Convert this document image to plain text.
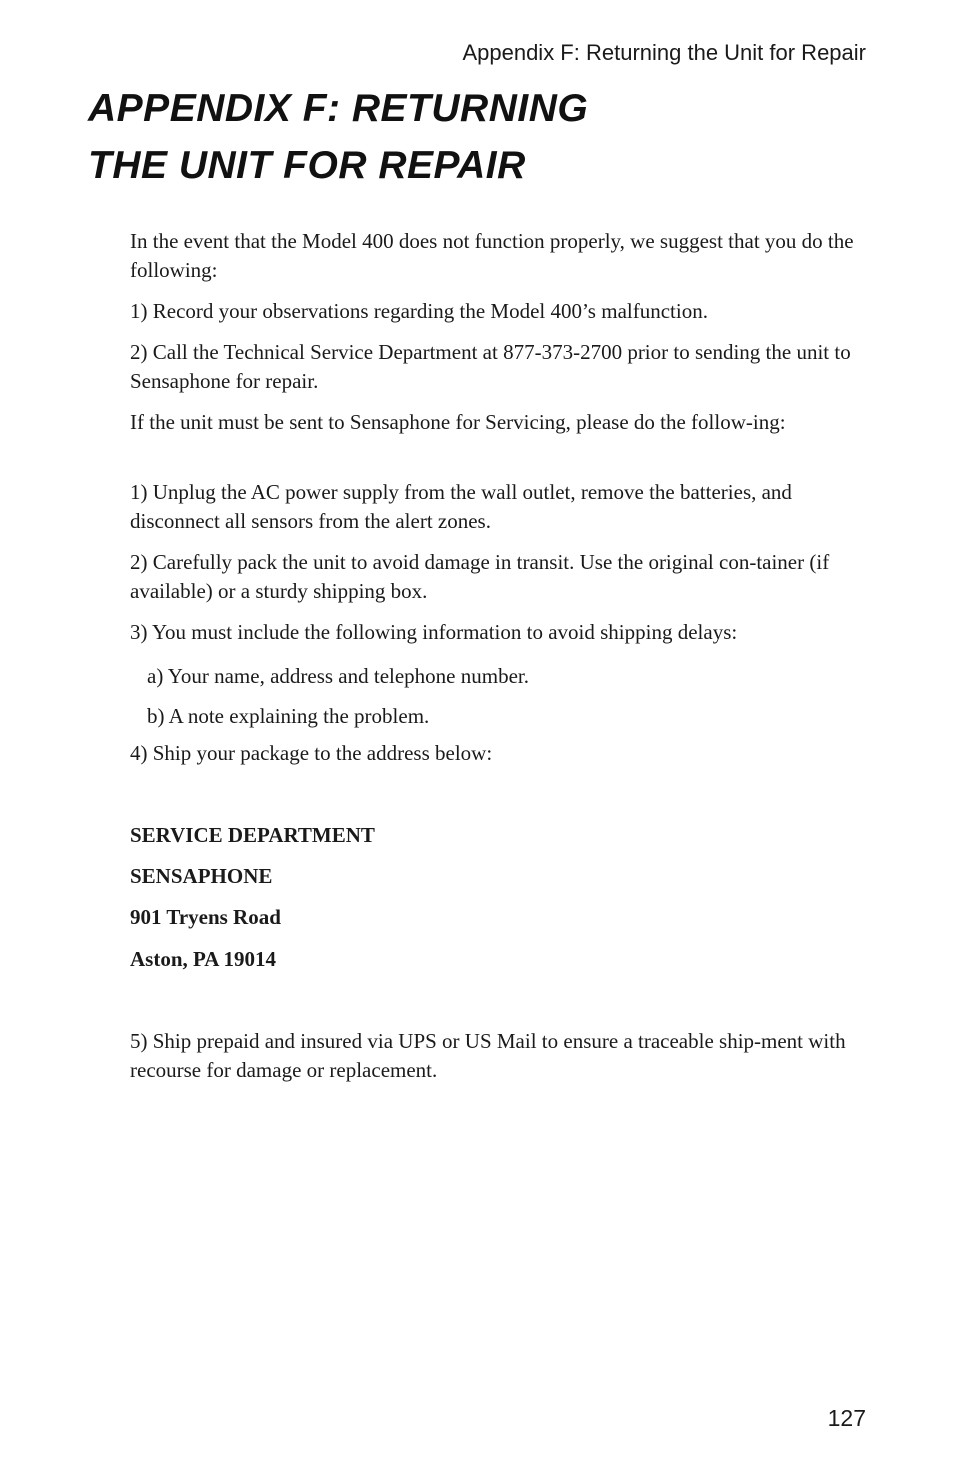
Appendix F: Returning the Unit for Repair
APPENDIX F: RETURNING
THE UNIT FOR REPAIR

In the event that the Model 400 does not function properly, we suggest that you do the following:

1) Record your observations regarding the Model 400’s malfunction.

2) Call the Technical Service Department at 877-373-2700 prior to sending the unit to Sensaphone for repair.

If the unit must be sent to Sensaphone for Servicing, please do the follow-ing:

1) Unplug the AC power supply from the wall outlet, remove the batteries, and disconnect all sensors from the alert zones.

2) Carefully pack the unit to avoid damage in transit. Use the original con-tainer (if available) or a sturdy shipping box.

3) You must include the following information to avoid shipping delays:

a) Your name, address and telephone number.

b) A note explaining the problem.

4) Ship your package to the address below:

SERVICE DEPARTMENT

SENSAPHONE

901 Tryens Road

Aston, PA 19014

5) Ship prepaid and insured via UPS or US Mail to ensure a traceable ship-ment with recourse for damage or replacement.

127
